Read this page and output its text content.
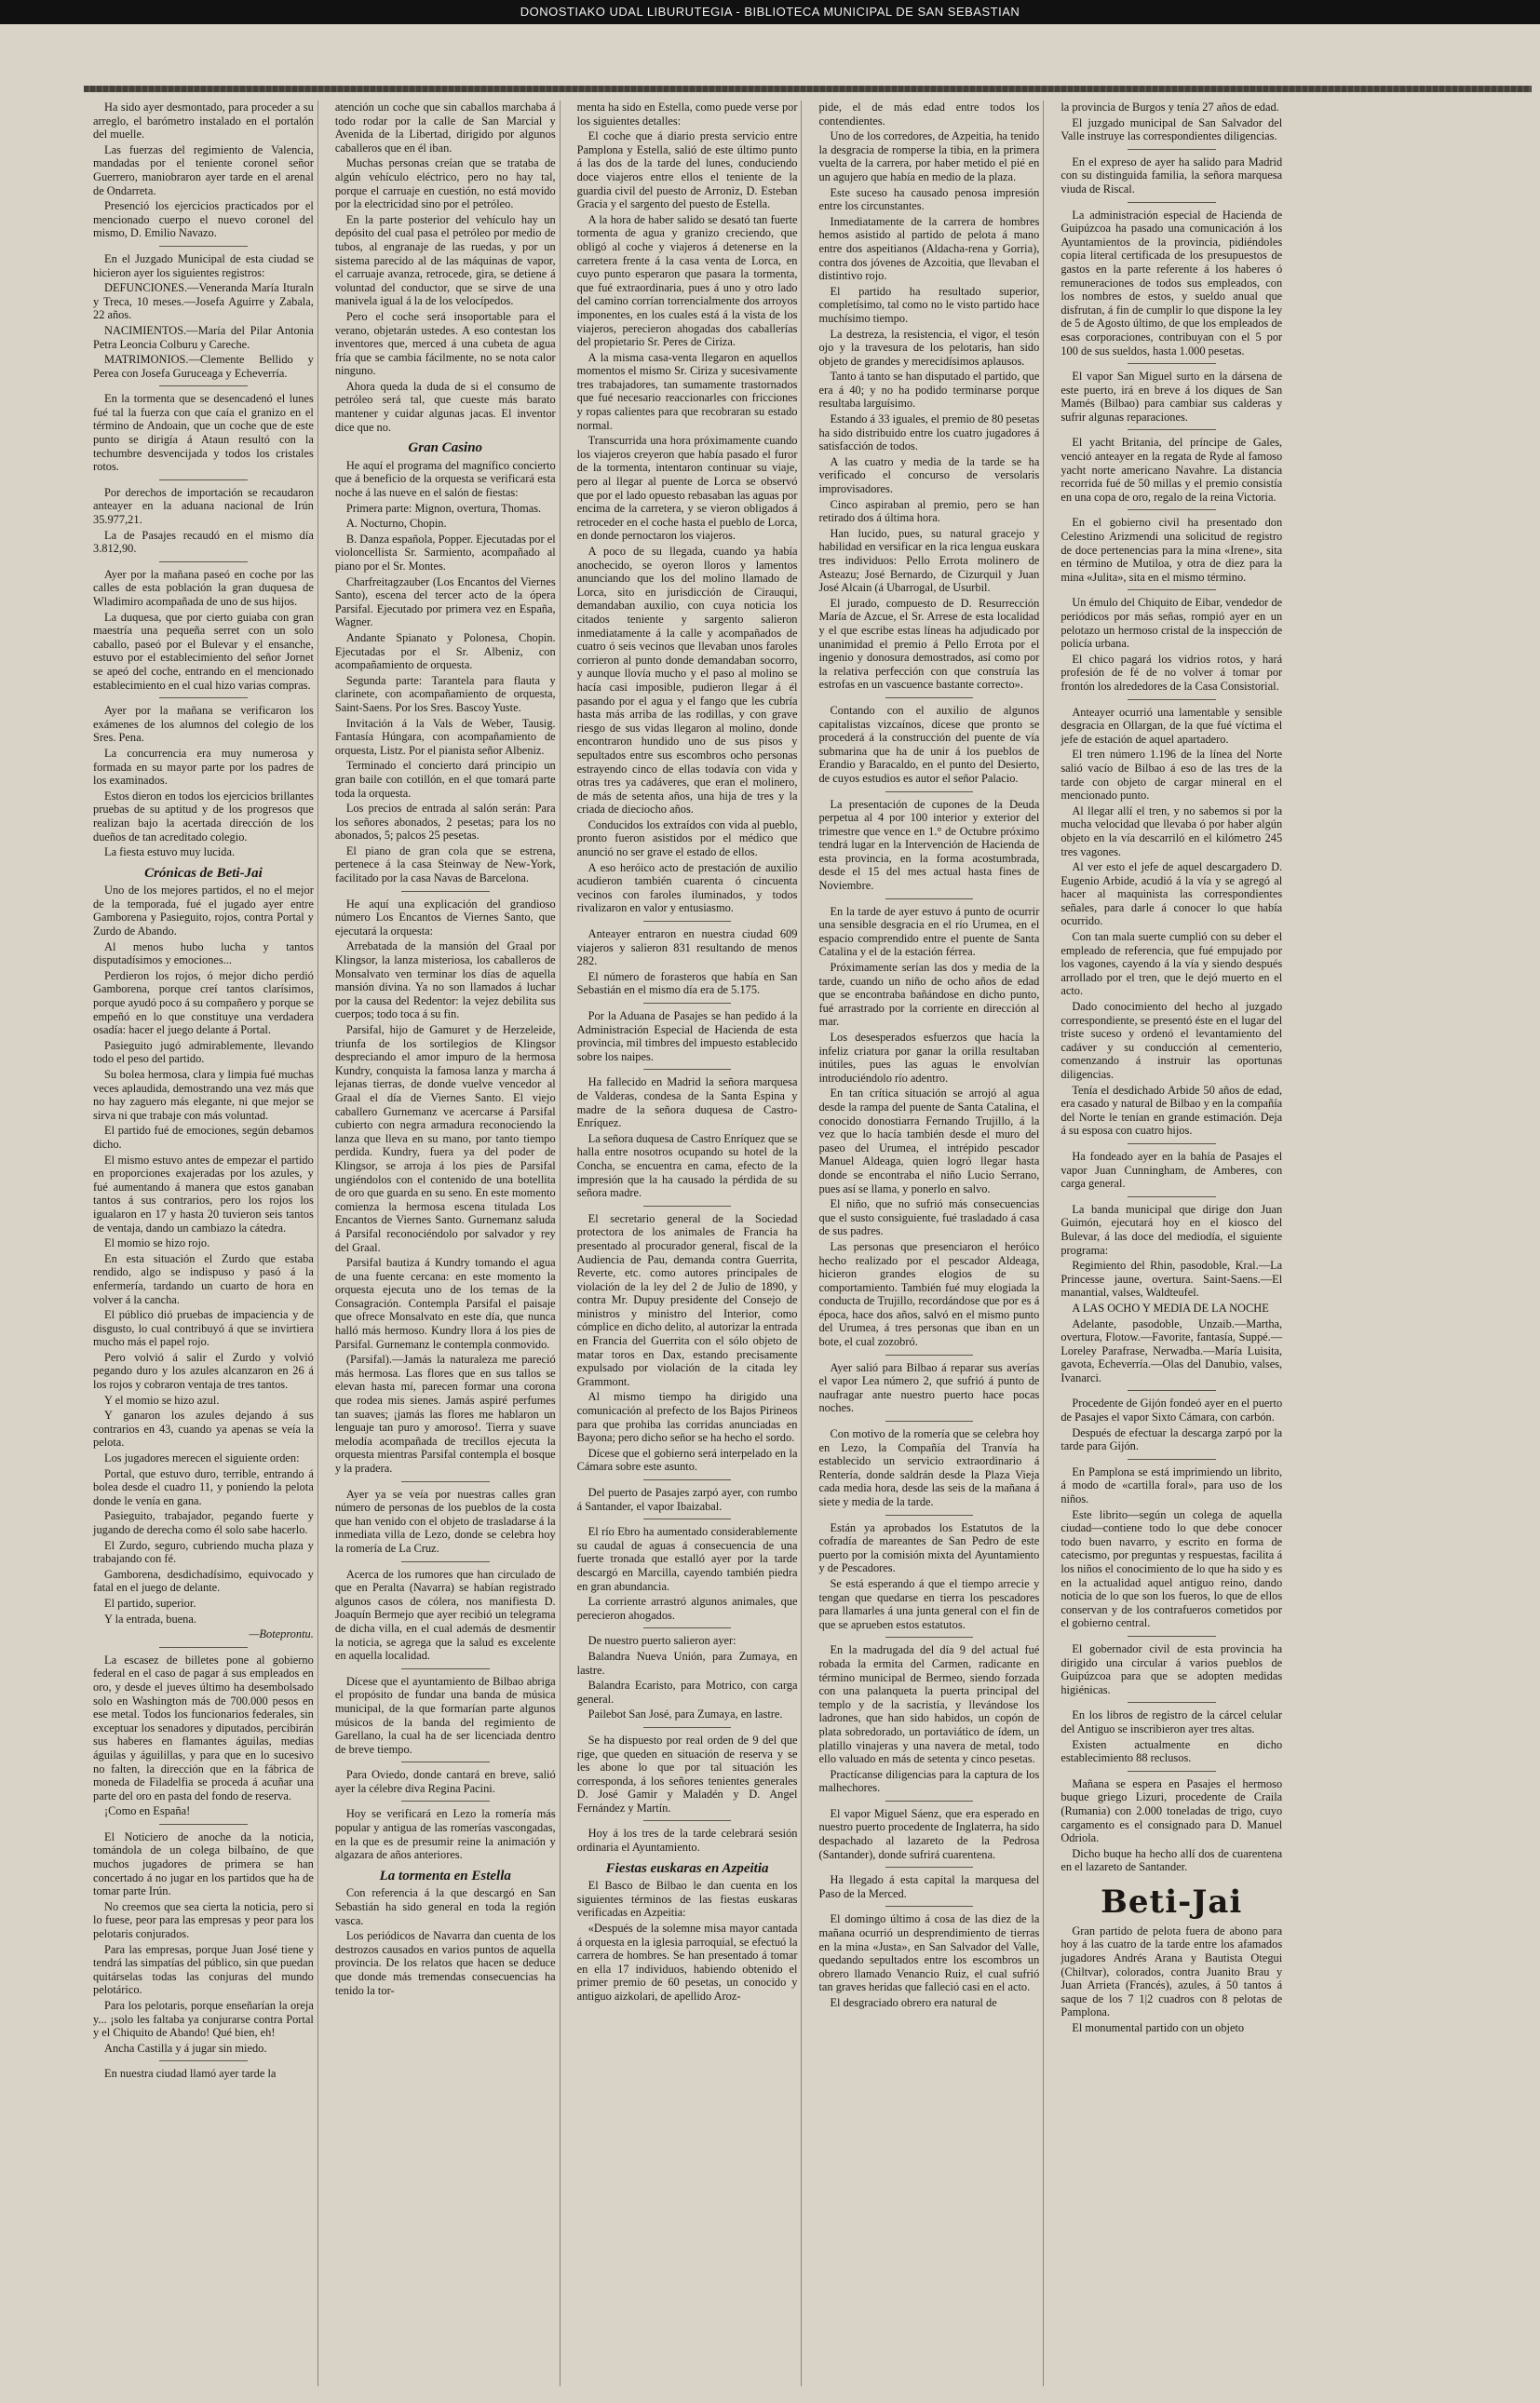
DONOSTIAKO UDAL LIBURUTEGIA - BIBLIOTECA MUNICIPAL DE SAN SEBASTIAN

Ha sido ayer desmontado, para proceder a su arreglo, el barómetro instalado en el portalón del muelle.

Las fuerzas del regimiento de Valencia, mandadas por el teniente coronel señor Guerrero, maniobraron ayer tarde en el arenal de Ondarreta.

Presenció los ejercicios practicados por el mencionado cuerpo el nuevo coronel del mismo, D. Emilio Navazo.

En el Juzgado Municipal de esta ciudad se hicieron ayer los siguientes registros:

DEFUNCIONES.—Veneranda María Ituraln y Treca, 10 meses.—Josefa Aguirre y Zabala, 22 años.

NACIMIENTOS.—María del Pilar Antonia Petra Leoncia Colburu y Careche.

MATRIMONIOS.—Clemente Bellido y Perea con Josefa Guruceaga y Echeverría.

En la tormenta que se desencadenó el lunes fué tal la fuerza con que caía el granizo en el término de Andoain, que un coche que de este punto se dirigía á Ataun resultó con la techumbre desvencijada y todos los cristales rotos.

Por derechos de importación se recaudaron anteayer en la aduana nacional de Irún 35.977,21.

La de Pasajes recaudó en el mismo día 3.812,90.

Ayer por la mañana paseó en coche por las calles de esta población la gran duquesa de Wladimiro acompañada de uno de sus hijos.

La duquesa, que por cierto guiaba con gran maestría una pequeña serret con un solo caballo, paseó por el Bulevar y el ensanche, estuvo por el establecimiento del señor Jornet se apeó del coche, entrando en el mencionado establecimiento en el cual hizo varias compras.

Ayer por la mañana se verificaron los exámenes de los alumnos del colegio de los Sres. Pena.

La concurrencia era muy numerosa y formada en su mayor parte por los padres de los examinados.

Estos dieron en todos los ejercicios brillantes pruebas de su aptitud y de los progresos que realizan bajo la acertada dirección de los dueños de tan acreditado colegio.

La fiesta estuvo muy lucida.

Crónicas de Beti-Jai

Uno de los mejores partidos, el no el mejor de la temporada, fué el jugado ayer entre Gamborena y Pasieguito, rojos, contra Portal y Zurdo de Abando.

Al menos hubo lucha y tantos disputadísimos y emociones...

Perdieron los rojos, ó mejor dicho perdió Gamborena, porque creí tantos clarísimos, porque ayudó poco á su compañero y porque se empeñó en lo que constituye una verdadera osadía: hacer el juego delante á Portal.

Pasieguito jugó admirablemente, llevando todo el peso del partido.

Su bolea hermosa, clara y limpia fué muchas veces aplaudida, demostrando una vez más que no hay zaguero más elegante, ni que mejor se sirva ni que trabaje con más voluntad.

El partido fué de emociones, según debamos dicho.

El mismo estuvo antes de empezar el partido en proporciones exajeradas por los azules, y fué aumentando á manera que estos ganaban tantos á sus contrarios, pero los rojos los igualaron en 17 y hasta 20 tuvieron seis tantos de ventaja, dando un cambiazo la cátedra.

El momio se hizo rojo.

En esta situación el Zurdo que estaba rendido, algo se indispuso y pasó á la enfermería, tardando un cuarto de hora en volver á la cancha.

El público dió pruebas de impaciencia y de disgusto, lo cual contribuyó á que se invirtiera mucho más el papel rojo.

Pero volvió á salir el Zurdo y volvió pegando duro y los azules alcanzaron en 26 á los rojos y cobraron ventaja de tres tantos.

Y el momio se hizo azul.

Y ganaron los azules dejando á sus contrarios en 43, cuando ya apenas se veía la pelota.

Los jugadores merecen el siguiente orden:

Portal, que estuvo duro, terrible, entrando á bolea desde el cuadro 11, y poniendo la pelota donde le venía en gana.

Pasieguito, trabajador, pegando fuerte y jugando de derecha como él solo sabe hacerlo.

El Zurdo, seguro, cubriendo mucha plaza y trabajando con fé.

Gamborena, desdichadísimo, equivocado y fatal en el juego de delante.

El partido, superior.

Y la entrada, buena.

—Boteprontu.

La escasez de billetes pone al gobierno federal en el caso de pagar á sus empleados en oro, y desde el jueves último ha desembolsado solo en Washington más de 700.000 pesos en ese metal. Todos los funcionarios federales, sin exceptuar los senadores y diputados, percibirán sus haberes en flamantes águilas, medias águilas y águilillas, y para que en lo sucesivo no falten, la dirección que en la fábrica de moneda de Filadelfia se proceda á acuñar una parte del oro en pasta del fondo de reserva.

¡Como en España!

El Noticiero de anoche da la noticia, tomándola de un colega bilbaíno, de que muchos jugadores de primera se han concertado á no jugar en los partidos que ha de tomar parte Irún.

No creemos que sea cierta la noticia, pero si lo fuese, peor para las empresas y peor para los pelotaris conjurados.

Para las empresas, porque Juan José tiene y tendrá las simpatías del público, sin que puedan quitárselas todas las conjuras del mundo pelotárico.

Para los pelotaris, porque enseñarían la oreja y... ¡solo les faltaba ya conjurarse contra Portal y el Chiquito de Abando! Qué bien, eh!

Ancha Castilla y á jugar sin miedo.

En nuestra ciudad llamó ayer tarde la

atención un coche que sin caballos marchaba á todo rodar por la calle de San Marcial y Avenida de la Libertad, dirigido por algunos caballeros que en él iban.

Muchas personas creían que se trataba de algún vehículo eléctrico, pero no hay tal, porque el carruaje en cuestión, no está movido por la electricidad sino por el petróleo.

En la parte posterior del vehículo hay un depósito del cual pasa el petróleo por medio de tubos, al engranaje de las ruedas, y por un sistema parecido al de las máquinas de vapor, el carruaje avanza, retrocede, gira, se detiene á voluntad del conductor, que se sirve de una manivela igual á la de los velocípedos.

Pero el coche será insoportable para el verano, objetarán ustedes. A eso contestan los inventores que, merced á una cubeta de agua fría que se cambia fácilmente, no se nota calor ninguno.

Ahora queda la duda de si el consumo de petróleo será tal, que cueste más barato mantener y cuidar algunas jacas. El inventor dice que no.

Gran Casino

He aquí el programa del magnífico concierto que á beneficio de la orquesta se verificará esta noche á las nueve en el salón de fiestas:

Primera parte: Mignon, overtura, Thomas.

A. Nocturno, Chopin.

B. Danza española, Popper. Ejecutadas por el violoncellista Sr. Sarmiento, acompañado al piano por el Sr. Montes.

Charfreitagzauber (Los Encantos del Viernes Santo), escena del tercer acto de la ópera Parsifal. Ejecutado por primera vez en España, Wagner.

Andante Spianato y Polonesa, Chopin. Ejecutadas por el Sr. Albeniz, con acompañamiento de orquesta.

Segunda parte: Tarantela para flauta y clarinete, con acompañamiento de orquesta, Saint-Saens. Por los Sres. Bascoy Yuste.

Invitación á la Vals de Weber, Tausig. Fantasía Húngara, con acompañamiento de orquesta, Listz. Por el pianista señor Albeniz.

Terminado el concierto dará principio un gran baile con cotillón, en el que tomará parte toda la orquesta.

Los precios de entrada al salón serán: Para los señores abonados, 2 pesetas; para los no abonados, 5; palcos 25 pesetas.

El piano de gran cola que se estrena, pertenece á la casa Steinway de New-York, facilitado por la casa Navas de Barcelona.

He aquí una explicación del grandioso número Los Encantos de Viernes Santo, que ejecutará la orquesta:

Arrebatada de la mansión del Graal por Klingsor, la lanza misteriosa, los caballeros de Monsalvato ven terminar los días de aquella mansión divina. Ya no son llamados á luchar por la causa del Redentor: la vejez debilita sus cuerpos; todo toca á su fin.

Parsifal, hijo de Gamuret y de Herzeleide, triunfa de los sortilegios de Klingsor despreciando el amor impuro de la hermosa Kundry, conquista la famosa lanza y marcha á lejanas tierras, de donde vuelve vencedor al Graal el día de Viernes Santo. El viejo caballero Gurnemanz ve acercarse á Parsifal cubierto con negra armadura reconociendo la lanza que lleva en su mano, por tanto tiempo perdida. Kundry, fuera ya del poder de Klingsor, se arroja á los pies de Parsifal ungiéndolos con el contenido de una botellita de oro que guarda en su seno. En este momento comienza la hermosa escena titulada Los Encantos de Viernes Santo. Gurnemanz saluda á Parsifal reconociéndolo por salvador y rey del Graal.

Parsifal bautiza á Kundry tomando el agua de una fuente cercana: en este momento la orquesta ejecuta uno de los temas de la Consagración. Contempla Parsifal el paisaje que ofrece Monsalvato en este día, que nunca halló más hermoso. Kundry llora á los pies de Parsifal. Gurnemanz le contempla conmovido.

(Parsifal).—Jamás la naturaleza me pareció más hermosa. Las flores que en sus tallos se elevan hasta mí, parecen formar una corona que rodea mis sienes. Jamás aspiré perfumes tan suaves; ¡jamás las flores me hablaron un lenguaje tan puro y amoroso!. Tierra y suave melodía acompañada de trecillos ejecuta la orquesta mientras Parsifal contempla el bosque y la pradera.

Ayer ya se veía por nuestras calles gran número de personas de los pueblos de la costa que han venido con el objeto de trasladarse á la inmediata villa de Lezo, donde se celebra hoy la romería de La Cruz.

Acerca de los rumores que han circulado de que en Peralta (Navarra) se habían registrado algunos casos de cólera, nos manifiesta D. Joaquín Bermejo que ayer recibió un telegrama de dicha villa, en el cual además de desmentir la noticia, se agrega que la salud es excelente en aquella localidad.

Dícese que el ayuntamiento de Bilbao abriga el propósito de fundar una banda de música municipal, de la que formarían parte algunos músicos de la banda del regimiento de Garellano, la cual ha de ser licenciada dentro de breve tiempo.

Para Oviedo, donde cantará en breve, salió ayer la célebre diva Regina Pacini.

Hoy se verificará en Lezo la romería más popular y antigua de las romerías vascongadas, en la que es de presumir reine la animación y algazara de años anteriores.

La tormenta en Estella

Con referencia á la que descargó en San Sebastián ha sido general en toda la región vasca.

Los periódicos de Navarra dan cuenta de los destrozos causados en varios puntos de aquella provincia. De los relatos que hacen se deduce que donde más tremendas consecuencias ha tenido la tor-

menta ha sido en Estella, como puede verse por los siguientes detalles:

El coche que á diario presta servicio entre Pamplona y Estella, salió de este último punto á las dos de la tarde del lunes, conduciendo doce viajeros entre ellos el teniente de la guardia civil del puesto de Arroniz, D. Esteban Gracia y el sargento del puesto de Estella.

A la hora de haber salido se desató tan fuerte tormenta de agua y granizo creciendo, que obligó al coche y viajeros á detenerse en la carretera frente á la casa venta de Lorca, en cuyo punto esperaron que pasara la tormenta, que fué extraordinaria, pues á uno y otro lado del camino corrían torrencialmente dos arroyos imponentes, en los cuales está á la vista de los viajeros, perecieron ahogadas dos caballerías del propietario Sr. Peres de Ciriza.

A la misma casa-venta llegaron en aquellos momentos el mismo Sr. Ciriza y sucesivamente tres trabajadores, tan sumamente trastornados que fué necesario reaccionarles con fricciones y ropas calientes para que recobraran su estado normal.

Transcurrida una hora próximamente cuando los viajeros creyeron que había pasado el furor de la tormenta, intentaron continuar su viaje, pero al llegar al puente de Lorca se observó que por el lado opuesto rebasaban las aguas por encima de la carretera, y se vieron obligados á retroceder en el coche hasta el pueblo de Lorca, en donde pernoctaron los viajeros.

A poco de su llegada, cuando ya había anochecido, se oyeron lloros y lamentos anunciando que los del molino llamado de Lorca, sito en jurisdicción de Cirauqui, demandaban auxilio, con cuya noticia los citados teniente y sargento salieron inmediatamente á la calle y acompañados de cuatro ó seis vecinos que llevaban unos faroles corrieron al punto donde demandaban socorro, y aunque llovía mucho y el paso al molino se hacía casi imposible, pudieron llegar á él pasando por el agua y el fango que les cubría hasta más arriba de las rodillas, y con grave riesgo de sus vidas llegaron al molino, donde encontraron hundido uno de sus pisos y sepultados entre sus escombros ocho personas estrayendo cinco de ellas todavía con vida y otras tres ya cadáveres, que eran el molinero, de más de setenta años, una hija de tres y la criada de dieciocho años.

Conducidos los extraídos con vida al pueblo, pronto fueron asistidos por el médico que anunció no ser grave el estado de ellos.

A eso heróico acto de prestación de auxilio acudieron también cuarenta ó cincuenta vecinos con faroles iluminados, y todos rivalizaron en valor y entusiasmo.

Anteayer entraron en nuestra ciudad 609 viajeros y salieron 831 resultando de menos 282.

El número de forasteros que había en San Sebastián en el mismo día era de 5.175.

Por la Aduana de Pasajes se han pedido á la Administración Especial de Hacienda de esta provincia, mil timbres del impuesto establecido sobre los naipes.

Ha fallecido en Madrid la señora marquesa de Valderas, condesa de la Santa Espina y madre de la señora duquesa de Castro-Enríquez.

La señora duquesa de Castro Enríquez que se halla entre nosotros ocupando su hotel de la Concha, se encuentra en cama, efecto de la impresión que la ha causado la pérdida de su señora madre.

El secretario general de la Sociedad protectora de los animales de Francia ha presentado al procurador general, fiscal de la Audiencia de Pau, demanda contra Guerrita, Reverte, etc. como autores principales de violación de la ley del 2 de Julio de 1890, y contra Mr. Dupuy presidente del Consejo de ministros y ministro del Interior, como cómplice en dicho delito, al autorizar la entrada en Francia del Guerrita con el sólo objeto de matar toros en Dax, estando precisamente expulsado por violación de la citada ley Grammont.

Al mismo tiempo ha dirigido una comunicación al prefecto de los Bajos Pirineos para que prohiba las corridas anunciadas en Bayona; pero dicho señor se ha hecho el sordo.

Dícese que el gobierno será interpelado en la Cámara sobre este asunto.

Del puerto de Pasajes zarpó ayer, con rumbo á Santander, el vapor Ibaizabal.

El río Ebro ha aumentado considerablemente su caudal de aguas á consecuencia de una fuerte tronada que estalló ayer por la tarde descargó en Marcilla, cayendo también piedra en gran abundancia.

La corriente arrastró algunos animales, que perecieron ahogados.

De nuestro puerto salieron ayer:

Balandra Nueva Unión, para Zumaya, en lastre.

Balandra Ecaristo, para Motrico, con carga general.

Pailebot San José, para Zumaya, en lastre.

Se ha dispuesto por real orden de 9 del que rige, que queden en situación de reserva y se les abone lo que por tal situación les corresponda, á los señores tenientes generales D. José Gamir y Maladén y D. Angel Fernández y Martín.

Hoy á los tres de la tarde celebrará sesión ordinaria el Ayuntamiento.

Fiestas euskaras en Azpeitia

El Basco de Bilbao le dan cuenta en los siguientes términos de las fiestas euskaras verificadas en Azpeitia:

«Después de la solemne misa mayor cantada á orquesta en la iglesia parroquial, se efectuó la carrera de hombres. Se han presentado á tomar en ella 17 individuos, habiendo obtenido el primer premio de 60 pesetas, un conocido y antiguo aizkolari, de apellido Aroz-

pide, el de más edad entre todos los contendientes.

Uno de los corredores, de Azpeitia, ha tenido la desgracia de romperse la tibia, en la primera vuelta de la carrera, por haber metido el pié en un agujero que había en medio de la plaza.

Este suceso ha causado penosa impresión entre los circunstantes.

Inmediatamente de la carrera de hombres hemos asistido al partido de pelota á mano entre dos aspeitianos (Aldacha-rena y Gorria), contra dos jóvenes de Azcoitia, que llevaban el distintivo rojo.

El partido ha resultado superior, completísimo, tal como no le visto partido hace muchísimo tiempo.

La destreza, la resistencia, el vigor, el tesón ojo y la travesura de los pelotaris, han sido objeto de grandes y merecidísimos aplausos.

Tanto á tanto se han disputado el partido, que era á 40; y no ha podido terminarse porque resultaba larguísimo.

Estando á 33 iguales, el premio de 80 pesetas ha sido distribuido entre los cuatro jugadores á satisfacción de todos.

A las cuatro y media de la tarde se ha verificado el concurso de versolaris improvisadores.

Cinco aspiraban al premio, pero se han retirado dos á última hora.

Han lucido, pues, su natural gracejo y habilidad en versificar en la rica lengua euskara tres individuos: Pello Errota molinero de Asteazu; José Bernardo, de Cizurquil y Juan José Alcain (á Ubarrogal, de Usurbil.

El jurado, compuesto de D. Resurrección María de Azcue, el Sr. Arrese de esta localidad y el que escribe estas líneas ha adjudicado por unanimidad el premio á Pello Errota por el ingenio y donosura demostrados, así como por la relativa perfección con que construía las estrofas en un vascuence bastante correcto».

Contando con el auxilio de algunos capitalistas vizcaínos, dícese que pronto se procederá á la construcción del puente de vía submarina que ha de unir á los pueblos de Erandio y Baracaldo, en el punto del Desierto, de cuyos estudios es autor el señor Palacio.

La presentación de cupones de la Deuda perpetua al 4 por 100 interior y exterior del trimestre que vence en 1.° de Octubre próximo tendrá lugar en la Intervención de Hacienda de esta provincia, en la forma acostumbrada, desde el 15 del mes actual hasta fines de Noviembre.

En la tarde de ayer estuvo á punto de ocurrir una sensible desgracia en el río Urumea, en el espacio comprendido entre el puente de Santa Catalina y el de la estación férrea.

Próximamente serían las dos y media de la tarde, cuando un niño de ocho años de edad que se encontraba bañándose en dicho punto, fué arrastrado por la corriente en dirección al mar.

Los desesperados esfuerzos que hacía la infeliz criatura por ganar la orilla resultaban inútiles, pues las aguas le envolvían introduciéndolo río adentro.

En tan crítica situación se arrojó al agua desde la rampa del puente de Santa Catalina, el conocido donostiarra Fernando Trujillo, á la vez que lo hacía también desde el muro del paseo del Urumea, el intrépido pescador Manuel Aldeaga, quien logró llegar hasta donde se encontraba el niño Lucio Serrano, pues así se llama, y ponerlo en salvo.

El niño, que no sufrió más consecuencias que el susto consiguiente, fué trasladado á casa de sus padres.

Las personas que presenciaron el heróico hecho realizado por el pescador Aldeaga, hicieron grandes elogios de su comportamiento. También fué muy elogiada la conducta de Trujillo, recordándose que por es á época, hace dos años, salvó en el mismo punto del Urumea, á tres personas que iban en un bote, el cual zozobró.

Ayer salió para Bilbao á reparar sus averías el vapor Lea número 2, que sufrió á punto de naufragar ante nuestro puerto hace pocas noches.

Con motivo de la romería que se celebra hoy en Lezo, la Compañía del Tranvía ha establecido un servicio extraordinario á Rentería, donde saldrán desde la Plaza Vieja cada media hora, desde las seis de la mañana á siete y media de la tarde.

Están ya aprobados los Estatutos de la cofradía de mareantes de San Pedro de este puerto por la comisión mixta del Ayuntamiento y de Pescadores.

Se está esperando á que el tiempo arrecie y tengan que quedarse en tierra los pescadores para llamarles á una junta general con el fin de que se aprueben estos estatutos.

En la madrugada del día 9 del actual fué robada la ermita del Carmen, radicante en término municipal de Bermeo, siendo forzada con una palanqueta la puerta principal del templo y de la sacristía, y llevándose los ladrones, que han sido habidos, un copón de plata sobredorado, un portaviático de ídem, un platillo vinajeras y una navera de metal, todo ello valuado en más de setenta y cinco pesetas.

Practícanse diligencias para la captura de los malhechores.

El vapor Miguel Sáenz, que era esperado en nuestro puerto procedente de Inglaterra, ha sido despachado al lazareto de la Pedrosa (Santander), donde sufrirá cuarentena.

Ha llegado á esta capital la marquesa del Paso de la Merced.

El domingo último á cosa de las diez de la mañana ocurrió un desprendimiento de tierras en la mina «Justa», en San Salvador del Valle, quedando sepultados entre los escombros un obrero llamado Venancio Ruiz, el cual sufrió tan graves heridas que falleció casi en el acto.

El desgraciado obrero era natural de

la provincia de Burgos y tenía 27 años de edad.

El juzgado municipal de San Salvador del Valle instruye las correspondientes diligencias.

En el expreso de ayer ha salido para Madrid con su distinguida familia, la señora marquesa viuda de Riscal.

La administración especial de Hacienda de Guipúzcoa ha pasado una comunicación á los Ayuntamientos de la provincia, pidiéndoles copia literal certificada de los presupuestos de gastos en la parte referente á los haberes ó remuneraciones de todos sus empleados, con los nombres de estos, y sueldo anual que disfrutan, á fin de cumplir lo que dispone la ley de 5 de Agosto último, de que los empleados de esas corporaciones, contribuyan con el 5 por 100 de sus sueldos, hasta 1.000 pesetas.

El vapor San Miguel surto en la dársena de este puerto, irá en breve á los diques de San Mamés (Bilbao) para cambiar sus calderas y sufrir algunas reparaciones.

El yacht Britania, del príncipe de Gales, venció anteayer en la regata de Ryde al famoso yacht norte americano Navahre. La distancia recorrida fué de 50 millas y el premio consistía en una copa de oro, regalo de la reina Victoria.

En el gobierno civil ha presentado don Celestino Arizmendi una solicitud de registro de doce pertenencias para la mina «Irene», sita en término de Mutiloa, y otra de diez para la mina «Julita», sita en el mismo término.

Un émulo del Chiquito de Eibar, vendedor de periódicos por más señas, rompió ayer en un pelotazo un hermoso cristal de la inspección de policía urbana.

El chico pagará los vidrios rotos, y hará profesión de fé de no volver á tomar por frontón los alrededores de la Casa Consistorial.

Anteayer ocurrió una lamentable y sensible desgracia en Ollargan, de la que fué víctima el jefe de estación de aquel apartadero.

El tren número 1.196 de la línea del Norte salió vacío de Bilbao á eso de las tres de la tarde con objeto de cargar mineral en el mencionado punto.

Al llegar allí el tren, y no sabemos si por la mucha velocidad que llevaba ó por haber algún objeto en la vía descarriló en el kilómetro 245 tres vagones.

Al ver esto el jefe de aquel descargadero D. Eugenio Arbide, acudió á la vía y se agregó al hacer al maquinista las correspondientes señales, para darle á conocer lo que había ocurrido.

Con tan mala suerte cumplió con su deber el empleado de referencia, que fué empujado por los vagones, cayendo á la vía y siendo después arrollado por el tren, que le dejó muerto en el acto.

Dado conocimiento del hecho al juzgado correspondiente, se presentó éste en el lugar del triste suceso y ordenó el levantamiento del cadáver y su conducción al cementerio, comenzando á instruir las oportunas diligencias.

Tenía el desdichado Arbide 50 años de edad, era casado y natural de Bilbao y en la compañía del Norte le tenían en grande estimación. Deja á su esposa con cuatro hijos.

Ha fondeado ayer en la bahía de Pasajes el vapor Juan Cunningham, de Amberes, con carga general.

La banda municipal que dirige don Juan Guimón, ejecutará hoy en el kiosco del Bulevar, á las doce del mediodía, el siguiente programa:

Regimiento del Rhin, pasodoble, Kral.—La Princesse jaune, overtura. Saint-Saens.—El manantial, valses, Waldteufel.

A LAS OCHO Y MEDIA DE LA NOCHE

Adelante, pasodoble, Unzaib.—Martha, overtura, Flotow.—Favorite, fantasía, Suppé.—Loreley Parafrase, Nerwadba.—María Luisita, gavota, Echeverría.—Olas del Danubio, valses, Ivanarci.

Procedente de Gijón fondeó ayer en el puerto de Pasajes el vapor Sixto Cámara, con carbón.

Después de efectuar la descarga zarpó por la tarde para Gijón.

En Pamplona se está imprimiendo un librito, á modo de «cartilla foral», para uso de los niños.

Este librito—según un colega de aquella ciudad—contiene todo lo que debe conocer todo buen navarro, y escrito en forma de catecismo, por preguntas y respuestas, facilita á los niños el conocimiento de lo que ha sido y es en la actualidad aquel antiguo reino, dando noticia de lo que son los fueros, lo que de ellos conservan y de los contrafueros cometidos por el gobierno central.

El gobernador civil de esta provincia ha dirigido una circular á varios pueblos de Guipúzcoa para que se adopten medidas higiénicas.

En los libros de registro de la cárcel celular del Antiguo se inscribieron ayer tres altas.

Existen actualmente en dicho establecimiento 88 reclusos.

Mañana se espera en Pasajes el hermoso buque griego Lizuri, procedente de Craila (Rumania) con 2.000 toneladas de trigo, cuyo cargamento es el consignado para D. Manuel Odriola.

Dicho buque ha hecho allí dos de cuarentena en el lazareto de Santander.

Beti-Jai

Gran partido de pelota fuera de abono para hoy á las cuatro de la tarde entre los afamados jugadores Andrés Arana y Bautista Otegui (Chiltvar), colorados, contra Juanito Brau y Juan Arrieta (Francés), azules, á 50 tantos á saque de los 7 1|2 cuadros con 8 pelotas de Pamplona.

El monumental partido con un objeto
